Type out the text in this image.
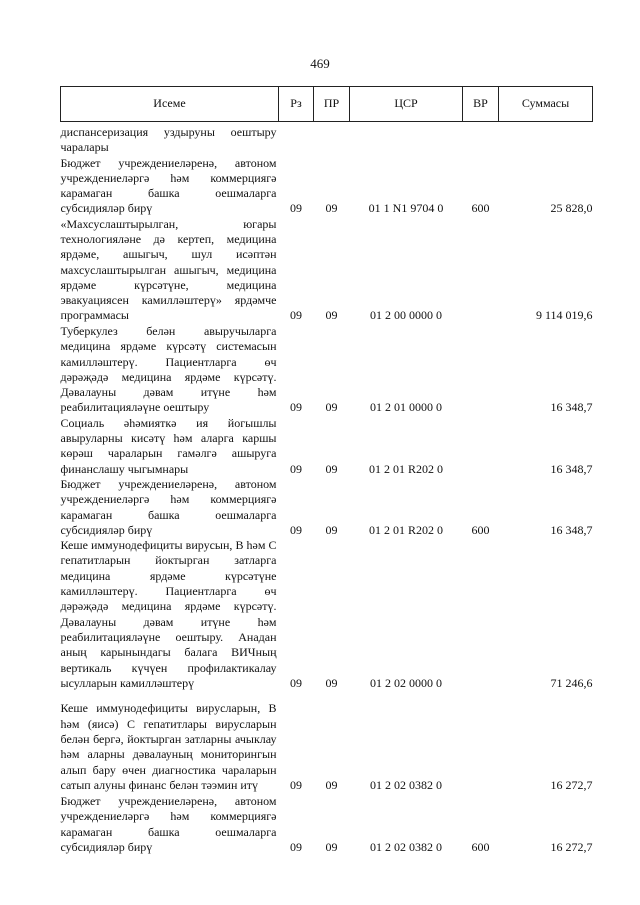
469
Исеме	Рз	ПР	ЦСР	ВР	Суммасы
диспансеризация уздыруны оештыру чаралары					
Бюджет учреждениеләренә, автоном учреждениеләргә һәм коммерциягә карамаган башка оешмаларга субсидияләр бирү	09	09	01 1 N1 9704 0	600	25 828,0
«Махсуслаштырылган, югары технологияләне дә кертеп, медицина ярдәме, ашыгыч, шул исәптән махсуслаштырылган ашыгыч, медицина ярдәме күрсәтүне, медицина эвакуациясен камилләштерү» ярдәмче программасы	09	09	01 2 00 0000 0		9 114 019,6
Туберкулез белән авыручыларга медицина ярдәме күрсәтү системасын камилләштерү. Пациентларга өч дәрәҗәдә медицина ярдәме күрсәтү. Дәвалауны дәвам итүне һәм реабилитацияләүне оештыру	09	09	01 2 01 0000 0		16 348,7
Социаль әһәмияткә ия йогышлы авыруларны кисәтү һәм аларга каршы көрәш чараларын гамәлгә ашыруга финанслашу чыгымнары	09	09	01 2 01 R202 0		16 348,7
Бюджет учреждениеләренә, автоном учреждениеләргә һәм коммерциягә карамаган башка оешмаларга субсидияләр бирү	09	09	01 2 01 R202 0	600	16 348,7
Кеше иммунодефициты вирусын, В һәм С гепатитларын йоктырган затларга медицина ярдәме күрсәтүне камилләштерү. Пациентларга өч дәрәҗәдә медицина ярдәме күрсәтү. Дәвалауны дәвам итүне һәм реабилитацияләүне оештыру. Анадан аның карынындагы балага ВИЧның вертикаль күчүен профилактикалау ысулларын камилләштерү	09	09	01 2 02 0000 0		71 246,6
Кеше иммунодефициты вирусларын, В һәм (яисә) С гепатитлары вирусларын белән бергә, йоктырган затларны ачыклау һәм аларны дәвалауның мониторингын алып бару өчен диагностика чараларын сатып алуны финанс белән тәэмин итү	09	09	01 2 02 0382 0		16 272,7
Бюджет учреждениеләренә, автоном учреждениеләргә һәм коммерциягә карамаган башка оешмаларга субсидияләр бирү	09	09	01 2 02 0382 0	600	16 272,7
